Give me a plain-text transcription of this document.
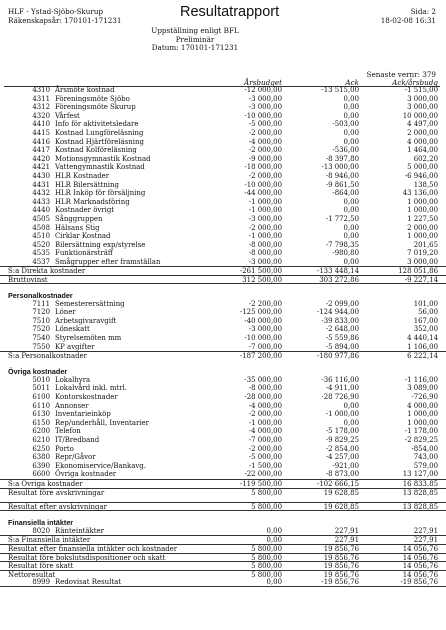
HLF - Ystad-Sjöbo-Skurup
Räkenskapsår: 170101-171231
Resultatrapport	Sida: 2
18-02-08 16:31
Uppställning enligt BFL
Preliminär
Datum: 170101-171231
Senaste vernr: 379
Årsbudget	Ack	Ack/årsbudg
4310 Årsmöte kostnad	-12 000,00	-13 515,00	-1 515,00
4311 Föreningsmöte Sjöbo	-3 000,00	0,00	3 000,00
4312 Föreningsmöte Skurup	-3 000,00	0,00	3 000,00
4320 Vårfest	-10 000,00	0,00	10 000,00
4410 Info för aktivitetsledare	-5 000,00	-503,00	4 497,00
4415 Kostnad Lungföreläsning	-2 000,00	0,00	2 000,00
4416 Kostnad Hjärtföreläsning	-4 000,00	0,00	4 000,00
4417 Kostnad Kolföreläsning	-2 000,00	-536,00	1 464,00
4420 Motionsgymnastik Kostnad	-9 000,00	-8 397,80	602,20
4421 Vattengymnastik Kostnad	-18 000,00	-13 000,00	5 000,00
4430 HLR Kostnader	-2 000,00	-8 946,00	-6 946,00
4431 HLR Bilersättning	-10 000,00	-9 861,50	138,50
4432 HLR Inköp för försäljning	-44 000,00	-864,00	43 136,00
4433 HLR Marknadsföring	-1 000,00	0,00	1 000,00
4440 Kostnader övrigt	-1 000,00	0,00	1 000,00
4505 Sånggruppen	-3 000,00	-1 772,50	1 227,50
4508 Hälsans Stig	-2 000,00	0,00	2 000,00
4510 Cirklar Kostnad	-1 000,00	0,00	1 000,00
4520 Bilersättning exp/styrelse	-8 000,00	-7 798,35	201,65
4535 Funktionärsträff	-8 000,00	-980,80	7 019,20
4537 Smågrupper efter framställan	-3 000,00	0,00	3 000,00
S:a Direkta kostnader	-261 500,00	-133 448,14	128 051,86
Bruttovinst	312 500,00	303 272,86	-9 227,14
Personalkostnader
7111 Semesterersättning	-2 200,00	-2 099,00	101,00
7120 Löner	-125 000,00	-124 944,00	56,00
7510 Arbetsgivaravgift	-40 000,00	-39 833,00	167,00
7520 Löneskatt	-3 000,00	-2 648,00	352,00
7540 Styrelsemöten mm	-10 000,00	-5 559,86	4 440,14
7550 KP avgifter	-7 000,00	-5 894,00	1 106,00
S:a Personalkostnader	-187 200,00	-180 977,86	6 222,14
Övriga kostnader
5010 Lokalhyra	-35 000,00	-36 116,00	-1 116,00
5011 Lokalvård inkl. mtrl.	-8 000,00	-4 911,00	3 089,00
6100 Kontorskostnader	-28 000,00	-28 726,90	-726,90
6110 Annonser	-4 000,00	0,00	4 000,00
6130 Inventarieinköp	-2 000,00	-1 000,00	1 000,00
6150 Rep/underhåll, Inventarier	-1 000,00	0,00	1 000,00
6200 Telefon	-4 000,00	-5 178,00	-1 178,00
6210 IT/Bredband	-7 000,00	-9 829,25	-2 829,25
6250 Porto	-2 000,00	-2 854,00	-854,00
6380 Repr/Gåvor	-5 000,00	-4 257,00	743,00
6390 Ekonomiservice/Bankavg.	-1 500,00	-921,00	579,00
6600 Övriga kostnader	-22 000,00	-8 873,00	13 127,00
S:a Övriga kostnader	-119 500,00	-102 666,15	16 833,85
Resultat före avskrivningar	5 800,00	19 628,85	13 828,85
Resultat efter avskrivningar	5 800,00	19 628,85	13 828,85
Finansiella intäkter
8020 Ränteintäkter	0,00	227,91	227,91
S:a Finansiella intäkter	0,00	227,91	227,91
Resultat efter finansiella intäkter och kostnader	5 800,00	19 856,76	14 056,76
Resultat före bokslutsdispositioner och skatt	5 800,00	19 856,76	14 056,76
Resultat före skatt	5 800,00	19 856,76	14 056,76
Nettoresultat	5 800,00	19 856,76	14 056,76
8999 Redovisat Resultat	0,00	-19 856,76	-19 856,76
